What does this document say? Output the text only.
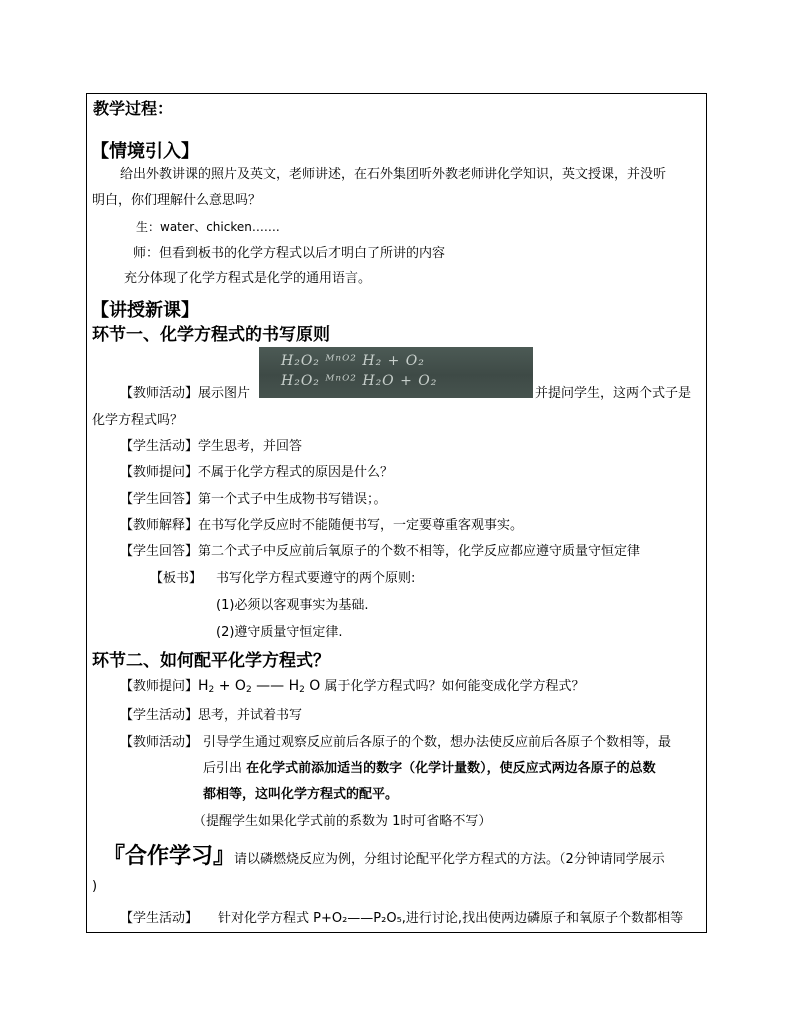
教学过程：
【情境引入】
给出外教讲课的照片及英文，老师讲述，在石外集团听外教老师讲化学知识，英文授课，并没听
明白，你们理解什么意思吗？
生：water、chicken…….
师：但看到板书的化学方程式以后才明白了所讲的内容
充分体现了化学方程式是化学的通用语言。
【讲授新课】
环节一、化学方程式的书写原则
H₂O₂ ᴹⁿᴼ² H₂ + O₂
H₂O₂ ᴹⁿᴼ² H₂O + O₂
【教师活动】展示图片	并提问学生，这两个式子是
化学方程式吗？
【学生活动】学生思考，并回答
【教师提问】不属于化学方程式的原因是什么？
【学生回答】第一个式子中生成物书写错误；。
【教师解释】在书写化学反应时不能随便书写，一定要尊重客观事实。
【学生回答】第二个式子中反应前后氧原子的个数不相等，化学反应都应遵守质量守恒定律
【板书】 书写化学方程式要遵守的两个原则:
(1)必须以客观事实为基础.
(2)遵守质量守恒定律.
环节二、如何配平化学方程式？
【教师提问】$H_2 + O_2$ —— $H_2$ O 属于化学方程式吗？如何能变成化学方程式？
【学生活动】思考，并试着书写
【教师活动】 引导学生通过观察反应前后各原子的个数，想办法使反应前后各原子个数相等，最
后引出 在化学式前添加适当的数字（化学计量数），使反应式两边各原子的总数
都相等，这叫化学方程式的配平。
（提醒学生如果化学式前的系数为 1时可省略不写）
『合作学习』
请以磷燃烧反应为例，分组讨论配平化学方程式的方法。（2分钟请同学展示
)
【学生活动】 针对化学方程式 P+O₂——P₂O₅,进行讨论,找出使两边磷原子和氧原子个数都相等
